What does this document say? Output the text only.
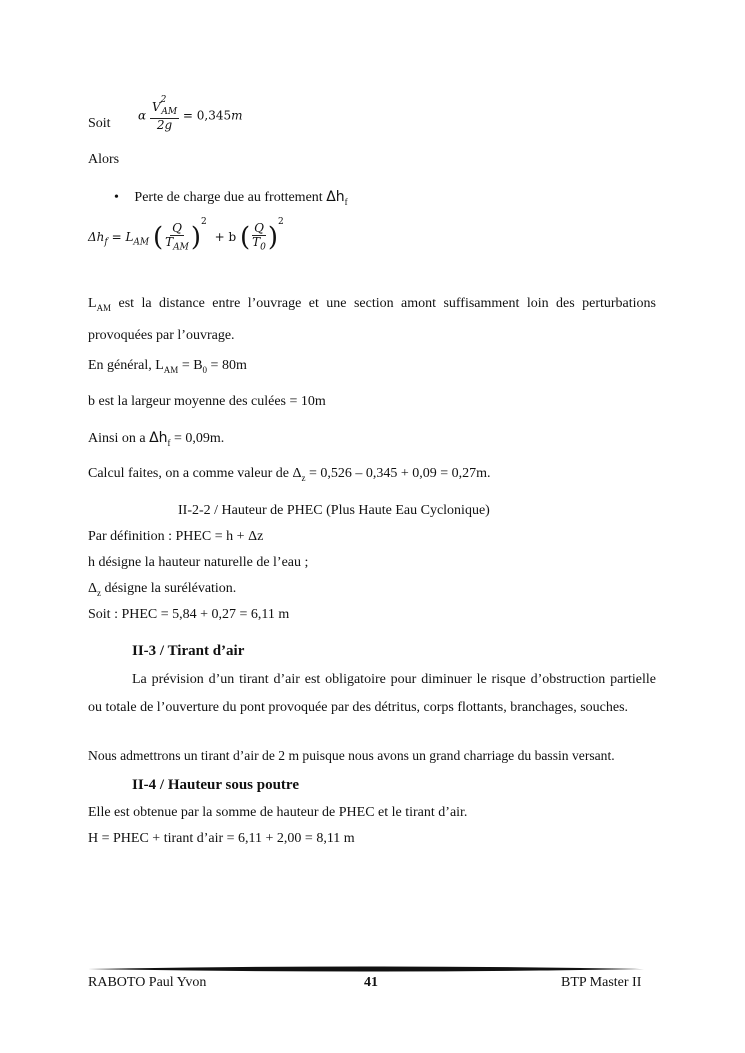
Soit
α $\frac{V^2_{AM}}{2g} = 0,345m$
Alors
• Perte de charge due au frottement $\Delta h_f$
$\Delta h_f = L_{AM}$ ( $\frac{Q}{T_{AM}} )^2 + b$ ( $\frac{Q}{T_0} )^2$

$L_{AM}$ est la distance entre l’ouvrage et une section amont suffisamment loin des perturbations provoquées par l’ouvrage.

En général, $L_{AM} = B_0 = 80m$
b est la largeur moyenne des culées = 10m
Ainsi on a $\Delta h_f = 0,09m$.
Calcul faites, on a comme valeur de $\Delta_z = 0,526 - 0,345 + 0,09 = 0,27m$.
II-2-2 / Hauteur de PHEC (Plus Haute Eau Cyclonique)
Par définition : PHEC = h + Δz
h désigne la hauteur naturelle de l’eau ;
$\Delta_z$ désigne la surélévation.
Soit : PHEC = 5,84 + 0,27 = 6,11 m
II-3 / Tirant d’air

La prévision d’un tirant d’air est obligatoire pour diminuer le risque d’obstruction partielle ou totale de l’ouverture du pont provoquée par des détritus, corps flottants, branchages, souches.

Nous admettrons un tirant d’air de 2 m puisque nous avons un grand charriage du bassin versant.
II-4 / Hauteur sous poutre
Elle est obtenue par la somme de hauteur de PHEC et le tirant d’air.
H = PHEC + tirant d’air = 6,11 + 2,00 = 8,11 m
RABOTO Paul Yvon	41	BTP Master II
